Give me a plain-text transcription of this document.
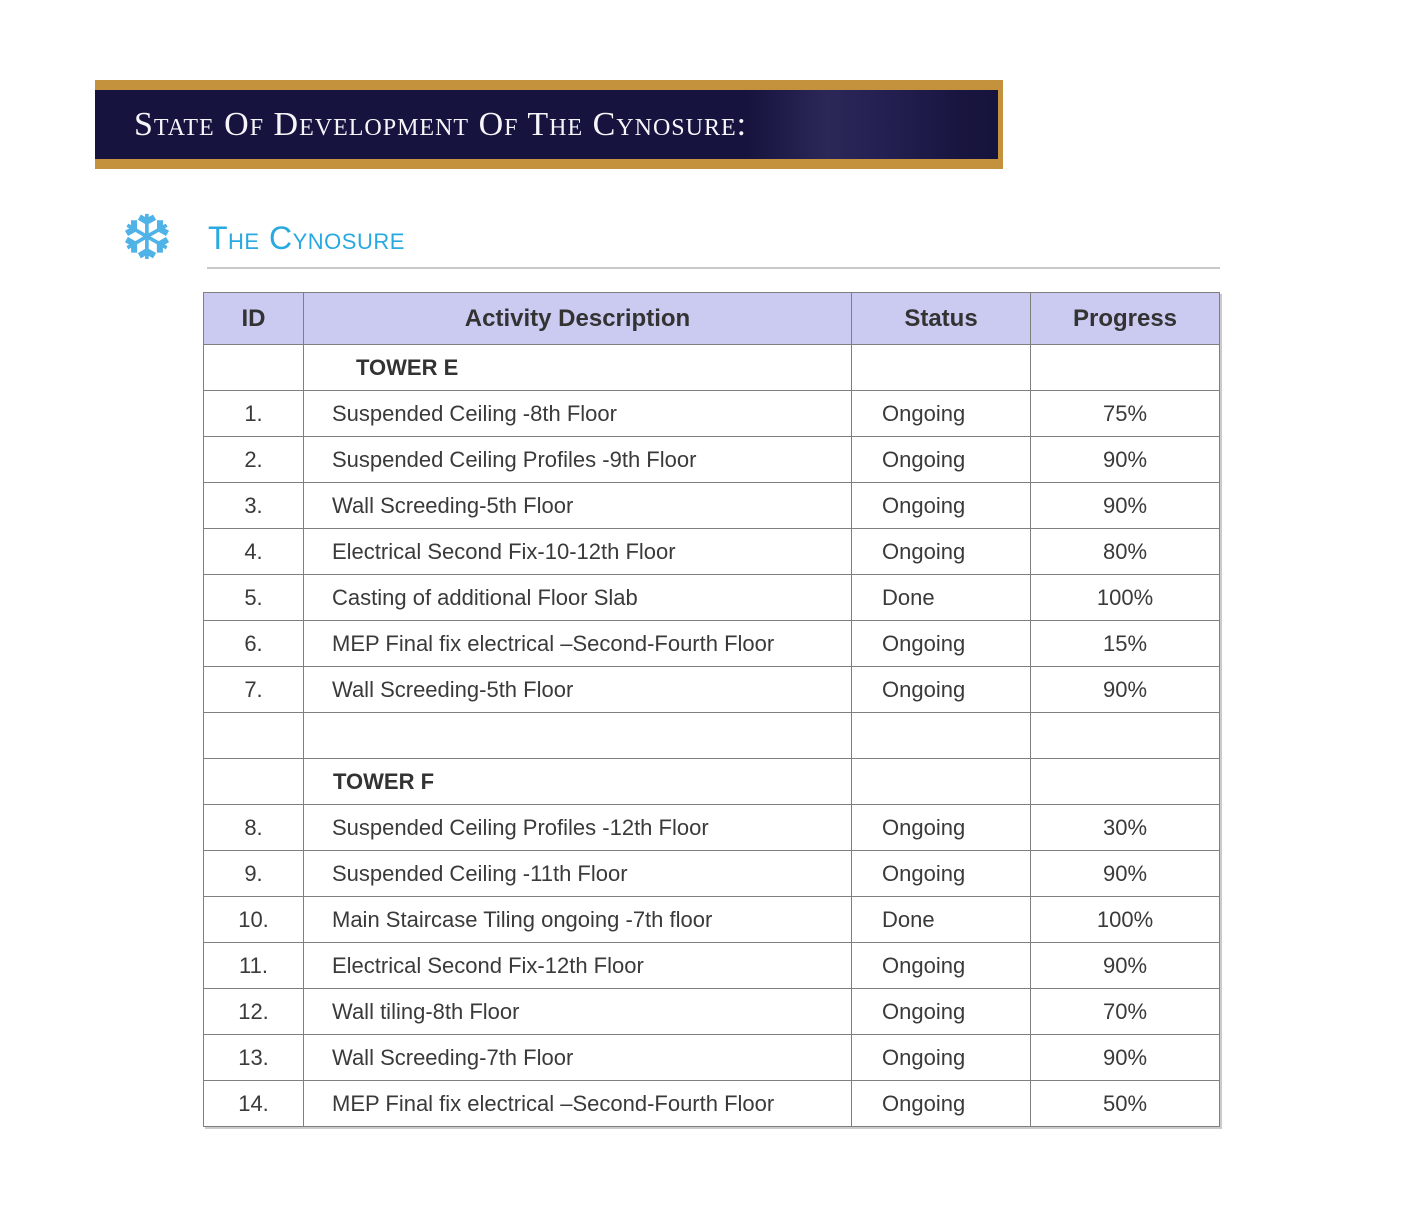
State Of Development Of The Cynosure:
❆ The Cynosure
ID	Activity Description	Status	Progress
	TOWER E		
1.	Suspended Ceiling -8th Floor	Ongoing	75%
2.	Suspended Ceiling Profiles -9th Floor	Ongoing	90%
3.	Wall Screeding-5th Floor	Ongoing	90%
4.	Electrical Second Fix-10-12th Floor	Ongoing	80%
5.	Casting of additional Floor Slab	Done	100%
6.	MEP Final fix electrical –Second-Fourth Floor	Ongoing	15%
7.	Wall Screeding-5th Floor	Ongoing	90%

	TOWER F		
8.	Suspended Ceiling Profiles -12th Floor	Ongoing	30%
9.	Suspended Ceiling -11th Floor	Ongoing	90%
10.	Main Staircase Tiling ongoing -7th floor	Done	100%
11.	Electrical Second Fix-12th Floor	Ongoing	90%
12.	Wall tiling-8th Floor	Ongoing	70%
13.	Wall Screeding-7th Floor	Ongoing	90%
14.	MEP Final fix electrical –Second-Fourth Floor	Ongoing	50%
